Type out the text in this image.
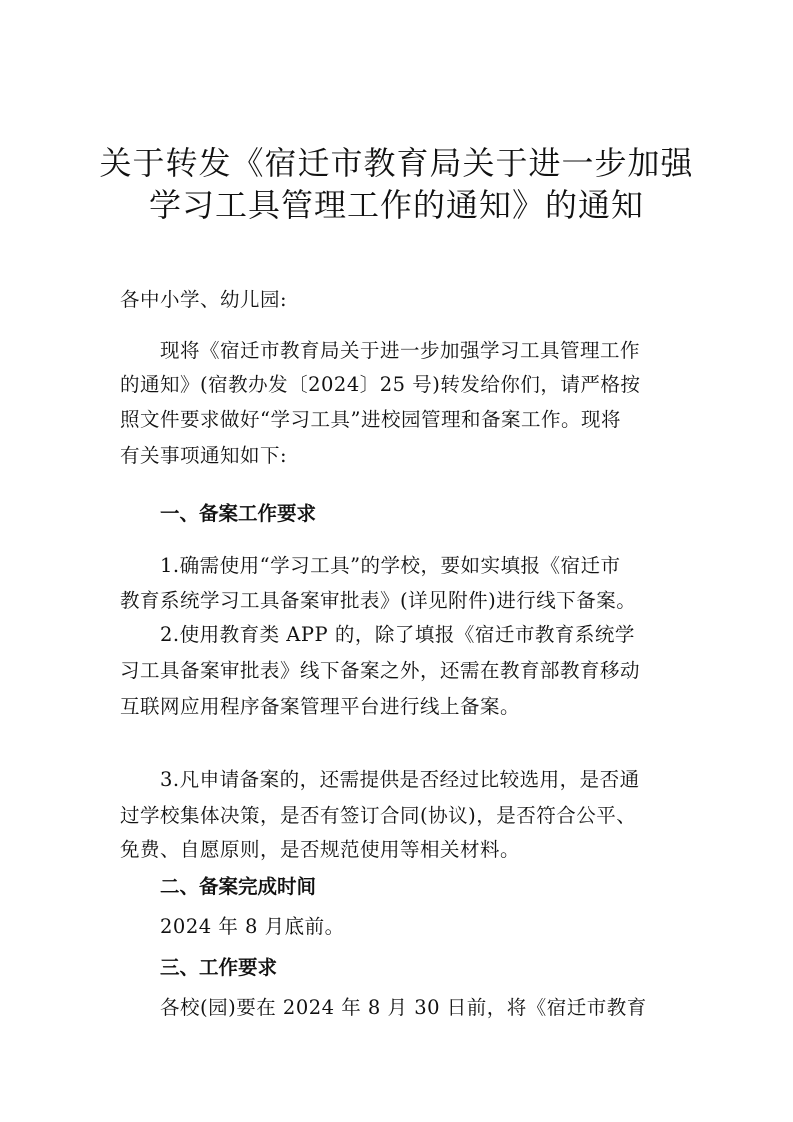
关于转发《宿迁市教育局关于进一步加强
学习工具管理工作的通知》的通知
各中小学、幼儿园:
现将《宿迁市教育局关于进一步加强学习工具管理工作
的通知》(宿教办发〔2024〕25 号)转发给你们，请严格按
照文件要求做好“学习工具”进校园管理和备案工作。现将
有关事项通知如下:
一、备案工作要求
1.确需使用“学习工具”的学校，要如实填报《宿迁市
教育系统学习工具备案审批表》(详见附件)进行线下备案。
2.使用教育类 APP 的，除了填报《宿迁市教育系统学
习工具备案审批表》线下备案之外，还需在教育部教育移动
互联网应用程序备案管理平台进行线上备案。
3.凡申请备案的，还需提供是否经过比较选用，是否通
过学校集体决策，是否有签订合同(协议)，是否符合公平、
免费、自愿原则，是否规范使用等相关材料。
二、备案完成时间
2024 年 8 月底前。
三、工作要求
各校(园)要在 2024 年 8 月 30 日前，将《宿迁市教育
